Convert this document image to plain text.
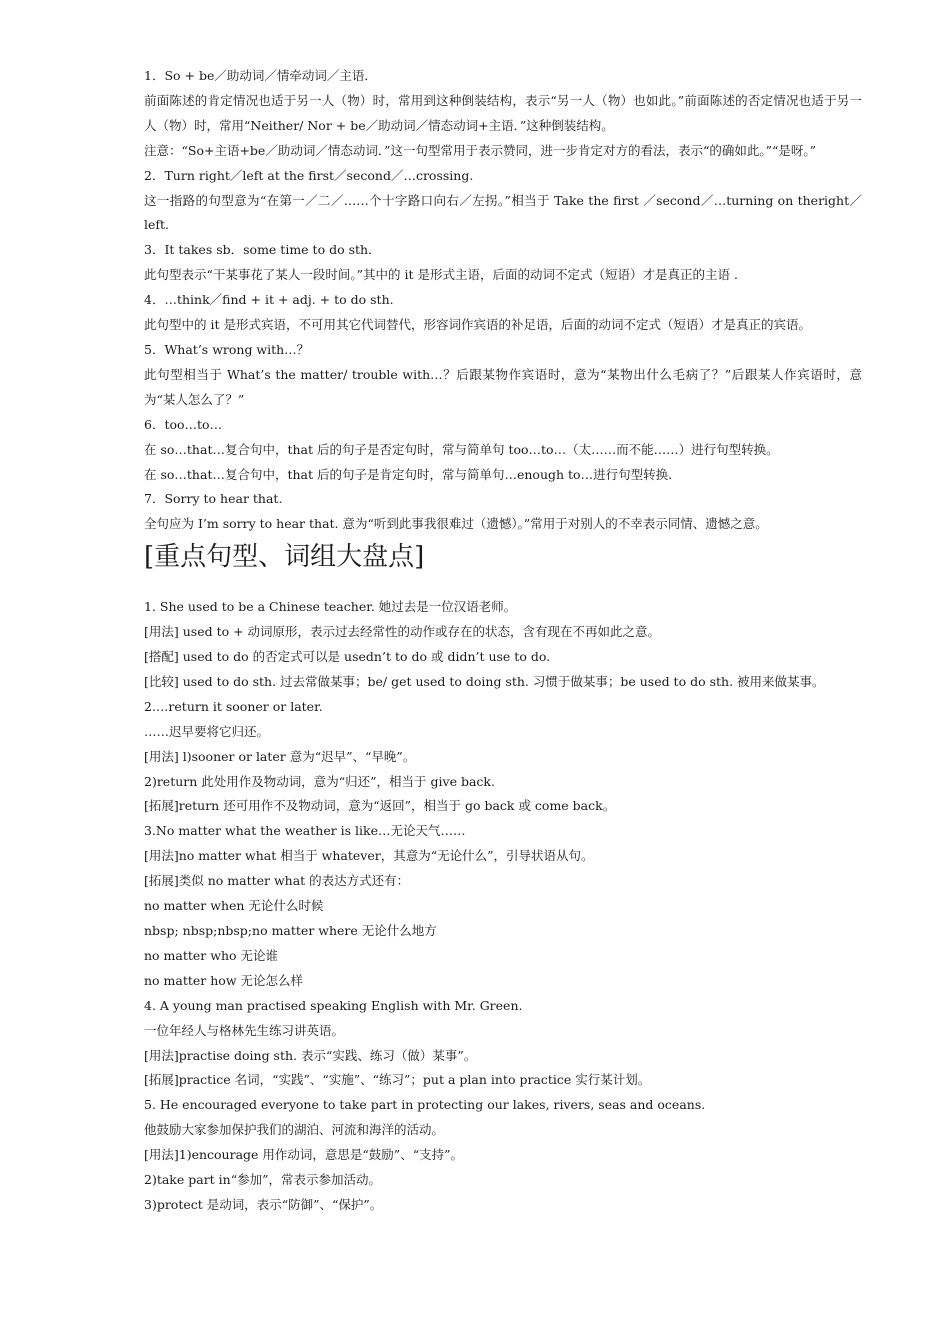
1．So + be／助动词／情牵动词／主语．
前面陈述的肯定情况也适于另一人（物）时，常用到这种倒装结构，表示“另一人（物）也如此。”前面陈述的否定情况也适于另一人（物）时，常用“Neither/ Nor + be／助动词／情态动词+主语．”这种倒装结构。
注意：“So+主语+be／助动词／情态动词．”这一句型常用于表示赞同，进一步肯定对方的看法，表示“的确如此。”“是呀。”
2．Turn right／left at the first／second／…crossing.
这一指路的句型意为“在第一／二／……个十字路口向右／左拐。”相当于 Take the first ／second／…turning on theright／left.
3．It takes sb．some time to do sth．
此句型表示“干某事花了某人一段时间。”其中的 it 是形式主语，后面的动词不定式（短语）才是真正的主语 .
4．…think／find + it + adj. + to do sth.
此句型中的 it 是形式宾语，不可用其它代词替代，形容词作宾语的补足语，后面的动词不定式（短语）才是真正的宾语。
5．What’s wrong with…？
此句型相当于 What’s the matter/ trouble with…？后跟某物作宾语时，意为“某物出什么毛病了？”后跟某人作宾语时，意为“某人怎么了？”
6．too…to…
在 so…that…复合句中，that 后的句子是否定句时，常与简单句 too…to…（太……而不能……）进行句型转换。
在 so…that…复合句中，that 后的句子是肯定句时，常与简单句…enough to…进行句型转换.
7．Sorry to hear that.
全句应为 I’m sorry to hear that. 意为“听到此事我很难过（遗憾）。”常用于对别人的不幸表示同情、遗憾之意。
[重点句型、词组大盘点]
1. She used to be a Chinese teacher. 她过去是一位汉语老师。
[用法] used to + 动词原形，表示过去经常性的动作或存在的状态，含有现在不再如此之意。
[搭配] used to do 的否定式可以是 usedn’t to do 或 didn’t use to do.
[比较] used to do sth. 过去常做某事；be/ get used to doing sth. 习惯于做某事；be used to do sth. 被用来做某事。
2.…return it sooner or later.
……迟早要将它归还。
[用法] l)sooner or later 意为“迟早”、“早晚”。
2)return 此处用作及物动词，意为“归还”，相当于 give back.
[拓展]return 还可用作不及物动词，意为“返回”，相当于 go back 或 come back。
3.No matter what the weather is like…无论天气……
[用法]no matter what 相当于 whatever，其意为“无论什么”，引导状语从句。
[拓展]类似 no matter what 的表达方式还有：
no matter when 无论什么时候
nbsp; nbsp;nbsp;no matter where 无论什么地方
no matter who 无论谁
no matter how 无论怎么样
4. A young man practised speaking English with Mr. Green.
一位年经人与格林先生练习讲英语。
[用法]practise doing sth. 表示“实践、练习（做）某事”。
[拓展]practice 名词，“实践”、“实施”、“练习”；put a plan into practice 实行某计划。
5. He encouraged everyone to take part in protecting our lakes, rivers, seas and oceans.
他鼓励大家参加保护我们的湖泊、河流和海洋的活动。
[用法]1)encourage 用作动词，意思是“鼓励”、“支持”。
2)take part in“参加”，常表示参加活动。
3)protect 是动词，表示“防御”、“保护”。
